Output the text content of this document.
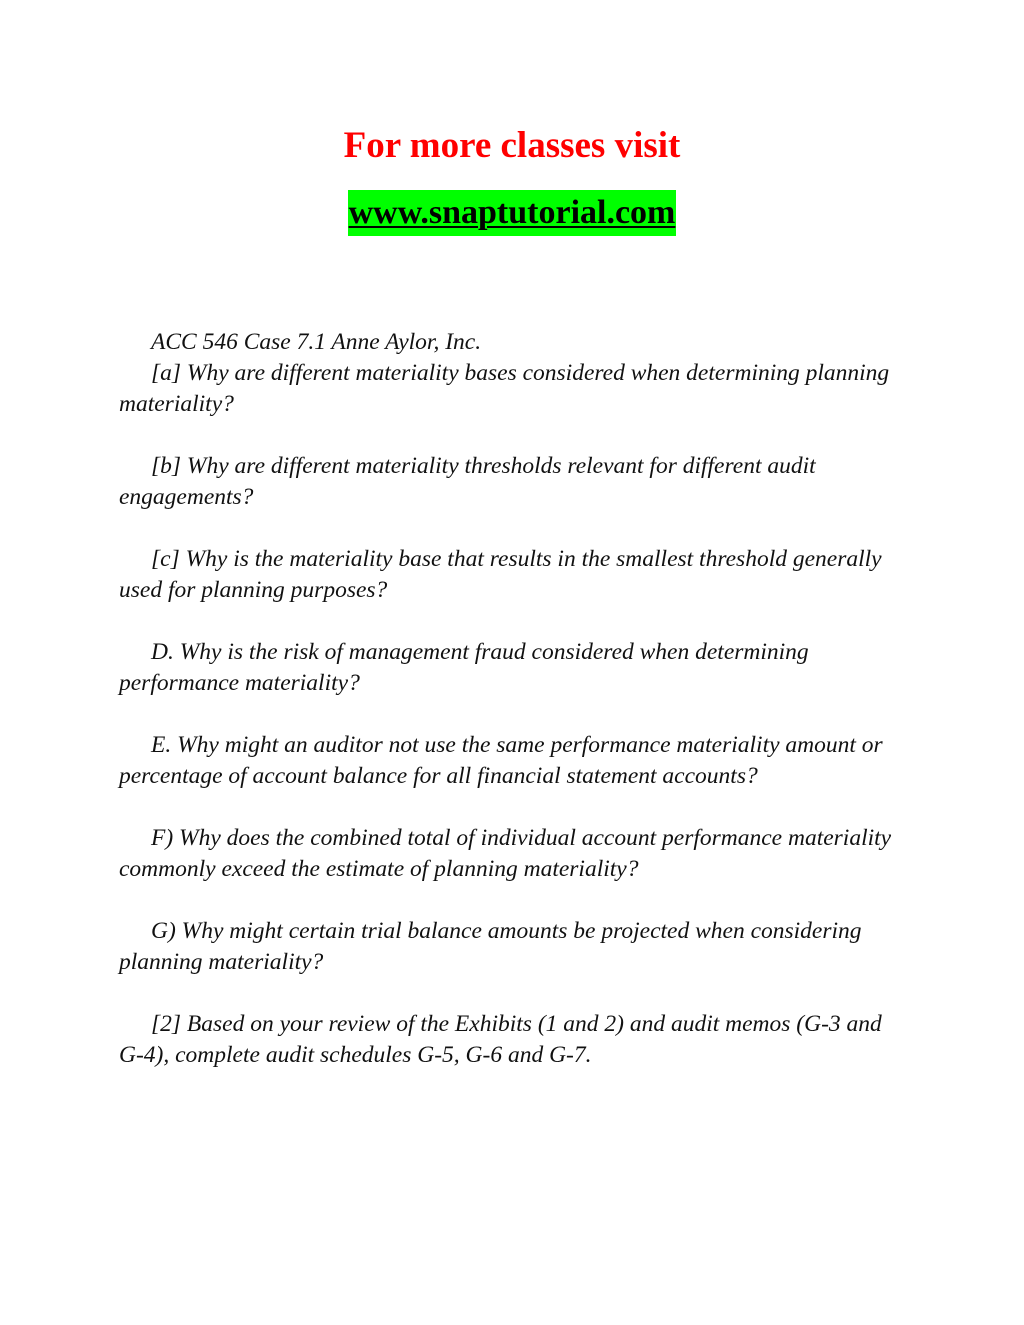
For more classes visit
www.snaptutorial.com

ACC 546 Case 7.1 Anne Aylor, Inc.

[a] Why are different materiality bases considered when determining planning materiality?

[b] Why are different materiality thresholds relevant for different audit engagements?

[c] Why is the materiality base that results in the smallest threshold generally used for planning purposes?

D. Why is the risk of management fraud considered when determining performance materiality?

E. Why might an auditor not use the same performance materiality amount or percentage of account balance for all financial statement accounts?

F) Why does the combined total of individual account performance materiality commonly exceed the estimate of planning materiality?

G) Why might certain trial balance amounts be projected when considering planning materiality?

[2] Based on your review of the Exhibits (1 and 2) and audit memos (G-3 and G-4), complete audit schedules G-5, G-6 and G-7.
